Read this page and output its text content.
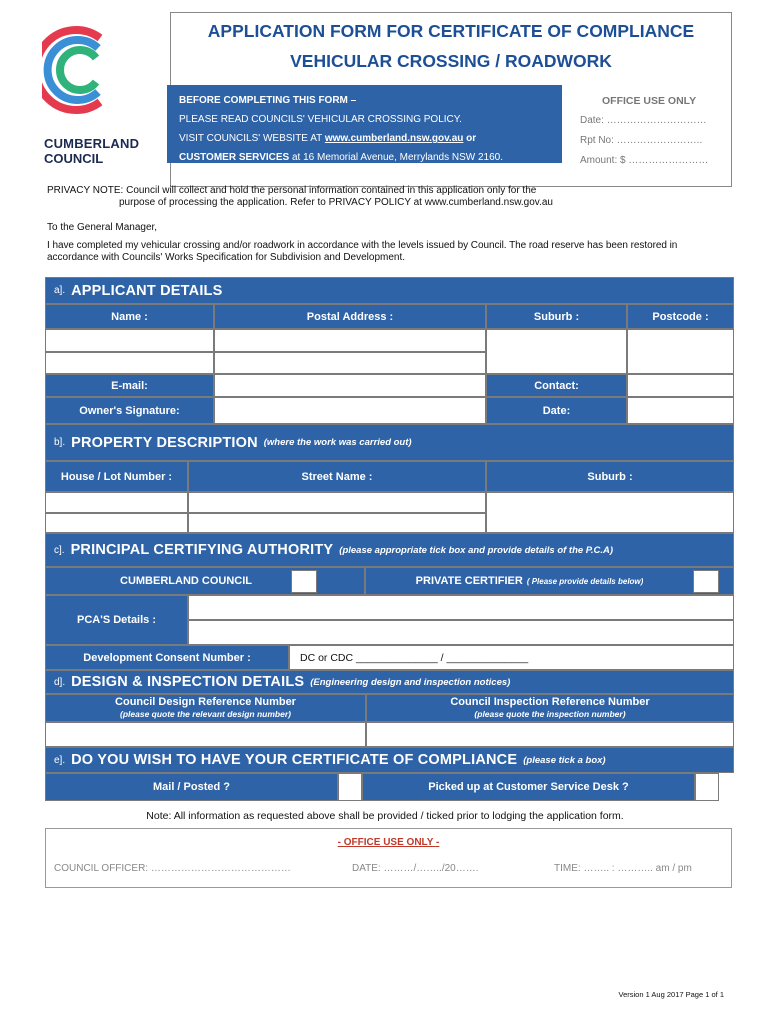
CUMBERLAND
COUNCIL
APPLICATION FORM FOR CERTIFICATE OF COMPLIANCE
VEHICULAR CROSSING / ROADWORK
BEFORE COMPLETING THIS FORM –
PLEASE READ COUNCILS' VEHICULAR CROSSING POLICY.
VISIT COUNCILS' WEBSITE AT www.cumberland.nsw.gov.au or
CUSTOMER SERVICES at 16 Memorial Avenue, Merrylands NSW 2160.
OFFICE USE ONLY
Date: …………………………
Rpt No: ……………………..
Amount: $ ……………………
PRIVACY NOTE: Council will collect and hold the personal information contained in this application only for the
purpose of processing the application. Refer to PRIVACY POLICY at www.cumberland.nsw.gov.au
To the General Manager,
I have completed my vehicular crossing and/or roadwork in accordance with the levels issued by Council. The road reserve has been restored in
accordance with Councils' Works Specification for Subdivision and Development.
a]. APPLICANT DETAILS
Name :	Postal Address :	Suburb :	Postcode :
E-mail:	Contact:
Owner's Signature:	Date:
b]. PROPERTY DESCRIPTION (where the work was carried out)
House / Lot Number :	Street Name :	Suburb :
c]. PRINCIPAL CERTIFYING AUTHORITY (please appropriate tick box and provide details of the P.C.A)
CUMBERLAND COUNCIL	PRIVATE CERTIFIER ( Please provide details below)
PCA'S Details :
Development Consent Number :	DC or CDC ______________ / ______________
d]. DESIGN & INSPECTION DETAILS (Engineering design and inspection notices)
Council Design Reference Number
(please quote the relevant design number)
Council Inspection Reference Number
(please quote the inspection number)
e]. DO YOU WISH TO HAVE YOUR CERTIFICATE OF COMPLIANCE (please tick a box)
Mail / Posted ?	Picked up at Customer Service Desk ?
Note: All information as requested above shall be provided / ticked prior to lodging the application form.
- OFFICE USE ONLY -
COUNCIL OFFICER: ……………………………………	DATE: ………/……../20…….	TIME: …….. : ……….. am / pm
Version 1 Aug 2017 Page 1 of 1
